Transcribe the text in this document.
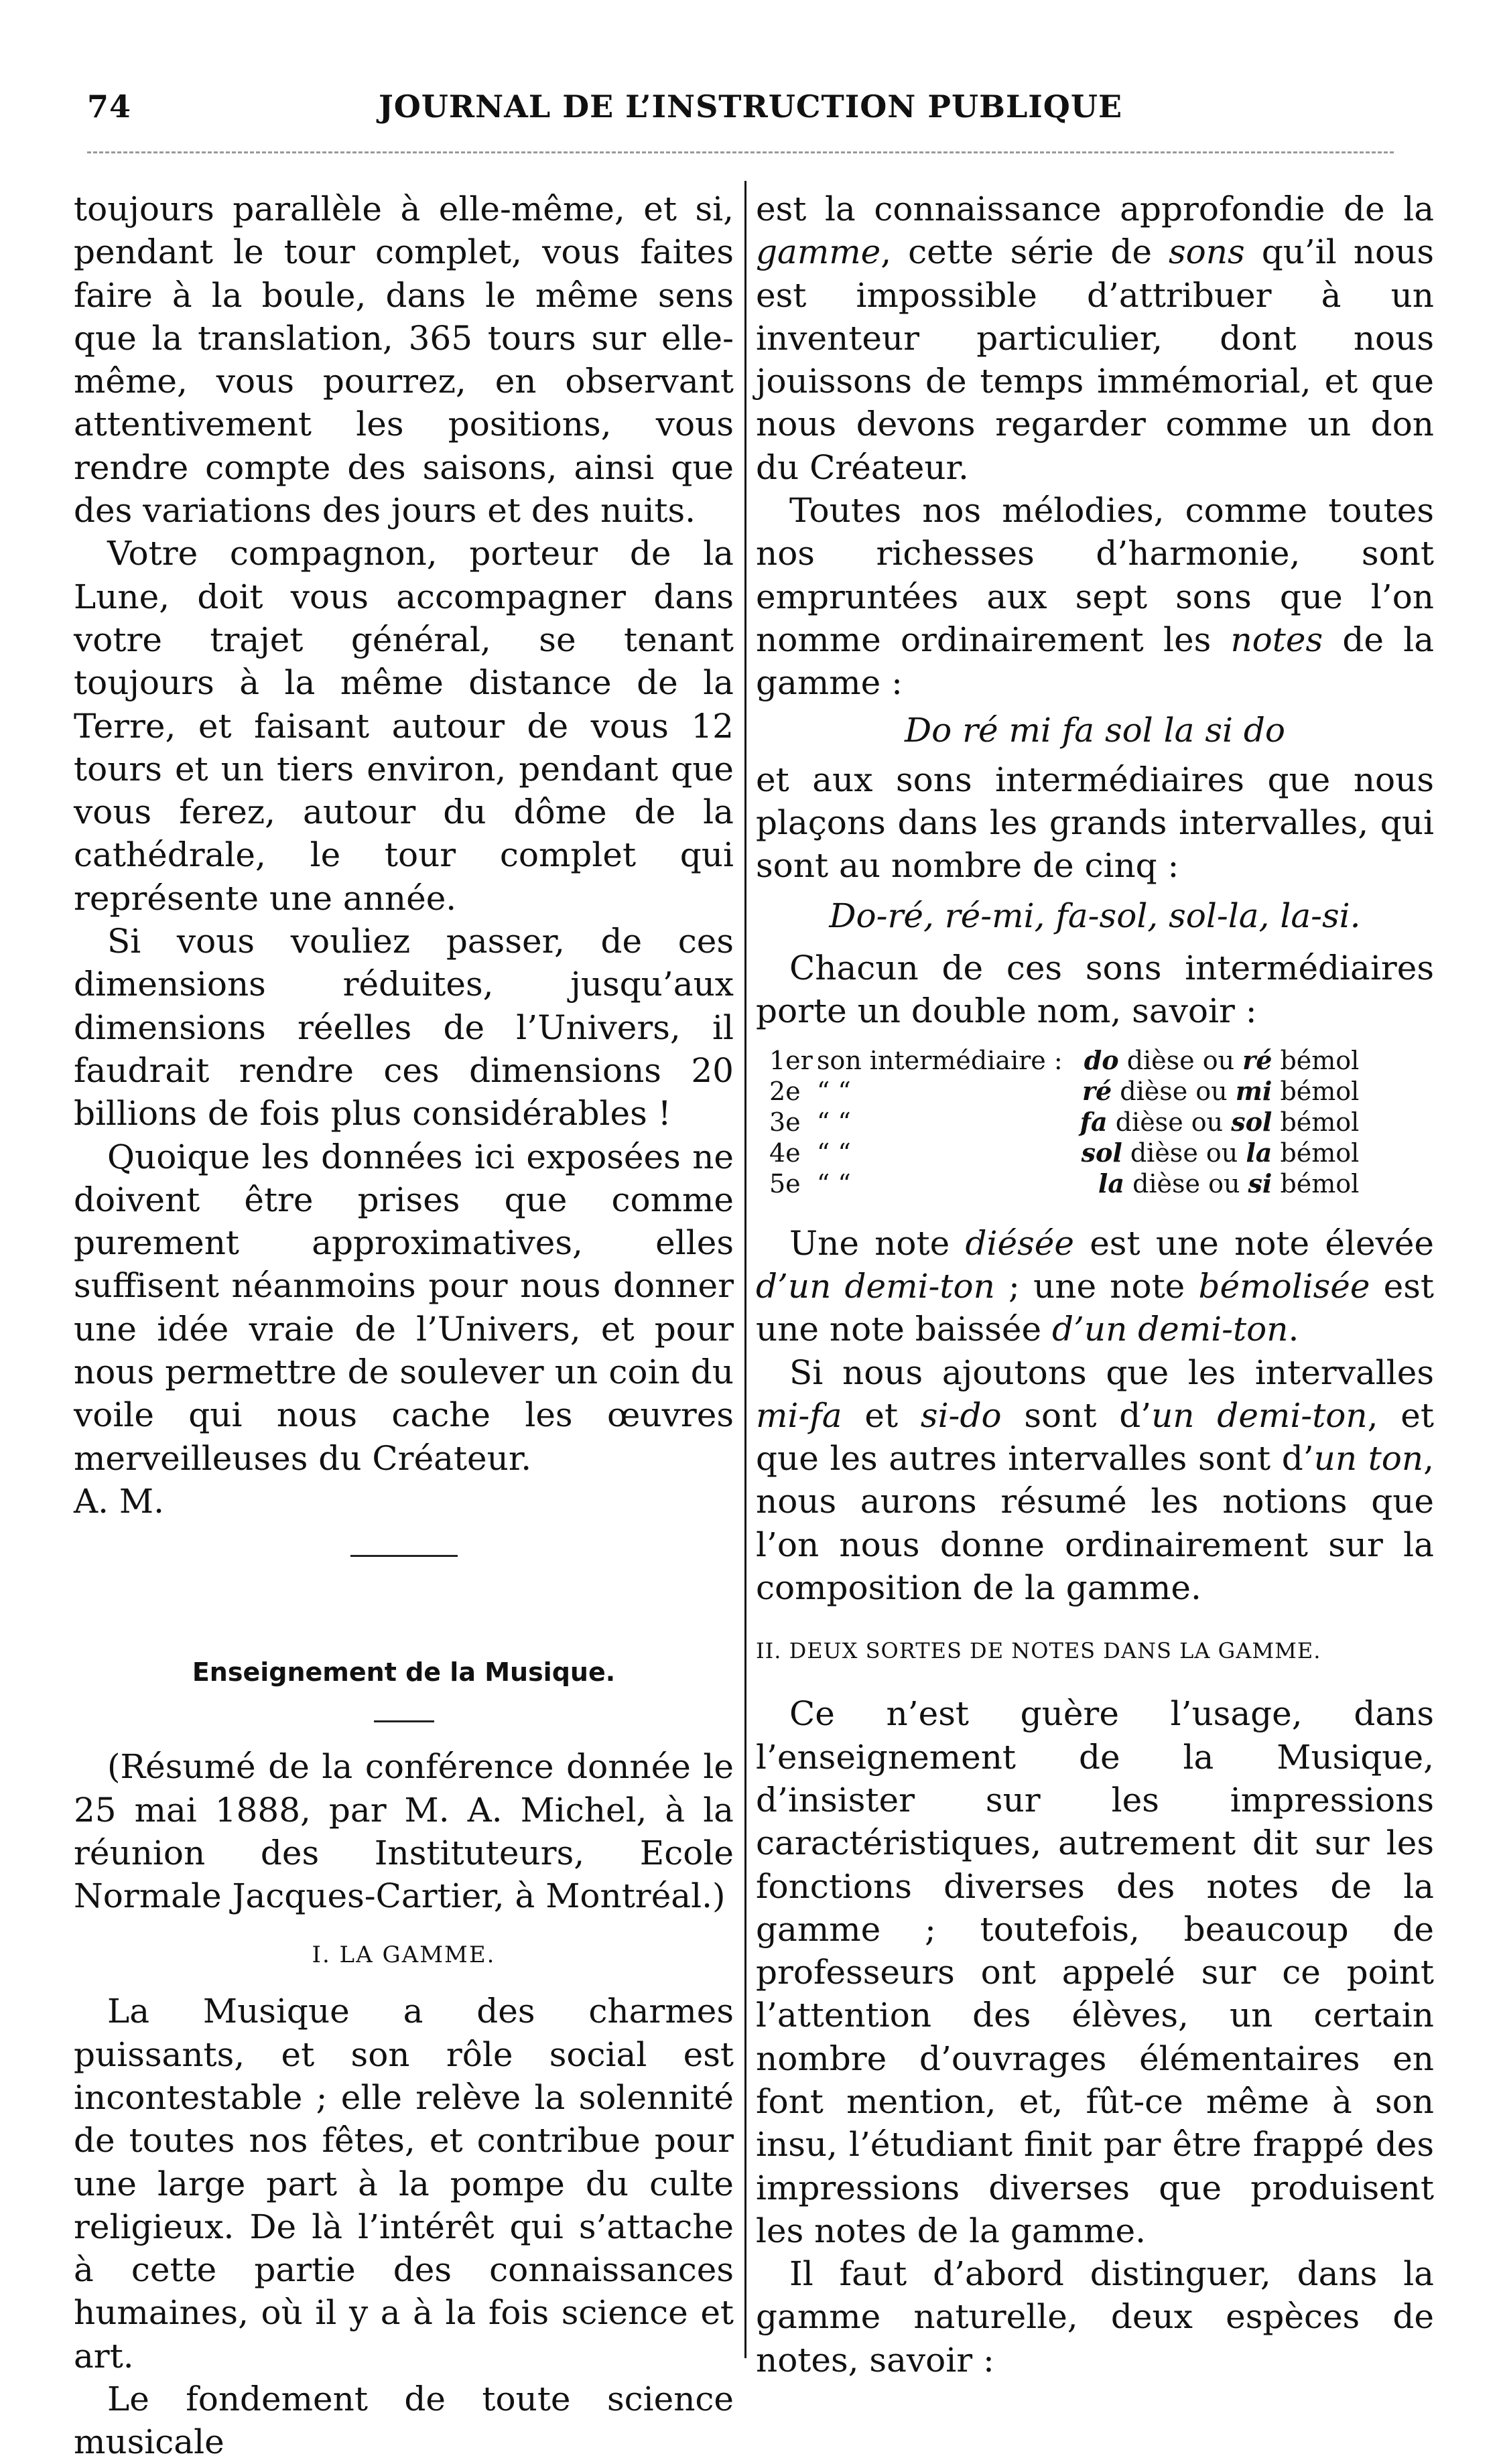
74	JOURNAL DE L’INSTRUCTION PUBLIQUE

toujours parallèle à elle-même, et si, pendant le tour complet, vous faites faire à la boule, dans le même sens que la translation, 365 tours sur elle-même, vous pourrez, en observant attentivement les positions, vous rendre compte des saisons, ainsi que des variations des jours et des nuits.

Votre compagnon, porteur de la Lune, doit vous accompagner dans votre trajet général, se tenant toujours à la même distance de la Terre, et faisant autour de vous 12 tours et un tiers environ, pendant que vous ferez, autour du dôme de la cathédrale, le tour complet qui représente une année.

Si vous vouliez passer, de ces dimensions réduites, jusqu’aux dimensions réelles de l’Univers, il faudrait rendre ces dimensions 20 billions de fois plus considérables !

Quoique les données ici exposées ne doivent être prises que comme purement approximatives, elles suffisent néanmoins pour nous donner une idée vraie de l’Univers, et pour nous permettre de soulever un coin du voile qui nous cache les œuvres merveilleuses du Créateur.

A. M.

Enseignement de la Musique.

(Résumé de la conférence donnée le 25 mai 1888, par M. A. Michel, à la réunion des Instituteurs, Ecole Normale Jacques-Cartier, à Montréal.)

I. LA GAMME.

La Musique a des charmes puissants, et son rôle social est incontestable ; elle relève la solennité de toutes nos fêtes, et contribue pour une large part à la pompe du culte religieux. De là l’intérêt qui s’attache à cette partie des connaissances humaines, où il y a à la fois science et art.

Le fondement de toute science musicale

est la connaissance approfondie de la gamme, cette série de sons qu’il nous est impossible d’attribuer à un inventeur particulier, dont nous jouissons de temps immémorial, et que nous devons regarder comme un don du Créateur.

Toutes nos mélodies, comme toutes nos richesses d’harmonie, sont empruntées aux sept sons que l’on nomme ordinairement les notes de la gamme :

Do ré mi fa sol la si do

et aux sons intermédiaires que nous plaçons dans les grands intervalles, qui sont au nombre de cinq :

Do-ré, ré-mi, fa-sol, sol-la, la-si.

Chacun de ces sons intermédiaires porte un double nom, savoir :

1er	son intermédiaire :	do dièse ou ré bémol
2e	“ “	ré dièse ou mi bémol
3e	“ “	fa dièse ou sol bémol
4e	“ “	sol dièse ou la bémol
5e	“ “	la dièse ou si bémol

Une note diésée est une note élevée d’un demi-ton ; une note bémolisée est une note baissée d’un demi-ton.

Si nous ajoutons que les intervalles mi-fa et si-do sont d’un demi-ton, et que les autres intervalles sont d’un ton, nous aurons résumé les notions que l’on nous donne ordinairement sur la composition de la gamme.

II. DEUX SORTES DE NOTES DANS LA GAMME.

Ce n’est guère l’usage, dans l’enseignement de la Musique, d’insister sur les impressions caractéristiques, autrement dit sur les fonctions diverses des notes de la gamme ; toutefois, beaucoup de professeurs ont appelé sur ce point l’attention des élèves, un certain nombre d’ouvrages élémentaires en font mention, et, fût-ce même à son insu, l’étudiant finit par être frappé des impressions diverses que produisent les notes de la gamme.

Il faut d’abord distinguer, dans la gamme naturelle, deux espèces de notes, savoir :
